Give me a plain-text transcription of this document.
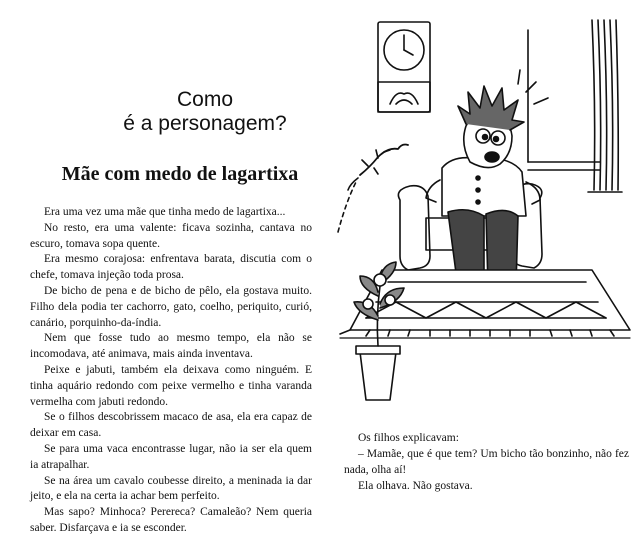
Como
é a personagem?
Mãe com medo de lagartixa

Era uma vez uma mãe que tinha medo de lagartixa...

No resto, era uma valente: ficava sozinha, cantava no escuro, tomava sopa quente.

Era mesmo corajosa: enfrentava barata, discutia com o chefe, tomava injeção toda prosa.

De bicho de pena e de bicho de pêlo, ela gostava muito. Filho dela podia ter cachorro, gato, coelho, periquito, curió, canário, porquinho-da-índia.

Nem que fosse tudo ao mesmo tempo, ela não se incomodava, até animava, mais ainda inventava.

Peixe e jabuti, também ela deixava como ninguém. E tinha aquário redondo com peixe vermelho e tinha varanda vermelha com jabuti redondo.

Se o filhos descobrissem macaco de asa, ela era capaz de deixar em casa.

Se para uma vaca encontrasse lugar, não ia ser ela quem ia atrapalhar.

Se na área um cavalo coubesse direito, a meninada ia dar jeito, e ela na certa ia achar bem perfeito.

Mas sapo? Minhoca? Perereca? Camaleão? Nem queria saber. Disfarçava e ia se esconder.

Os filhos explicavam:

– Mamãe, que é que tem? Um bicho tão bonzinho, não fez nada, olha aí!

Ela olhava. Não gostava.
